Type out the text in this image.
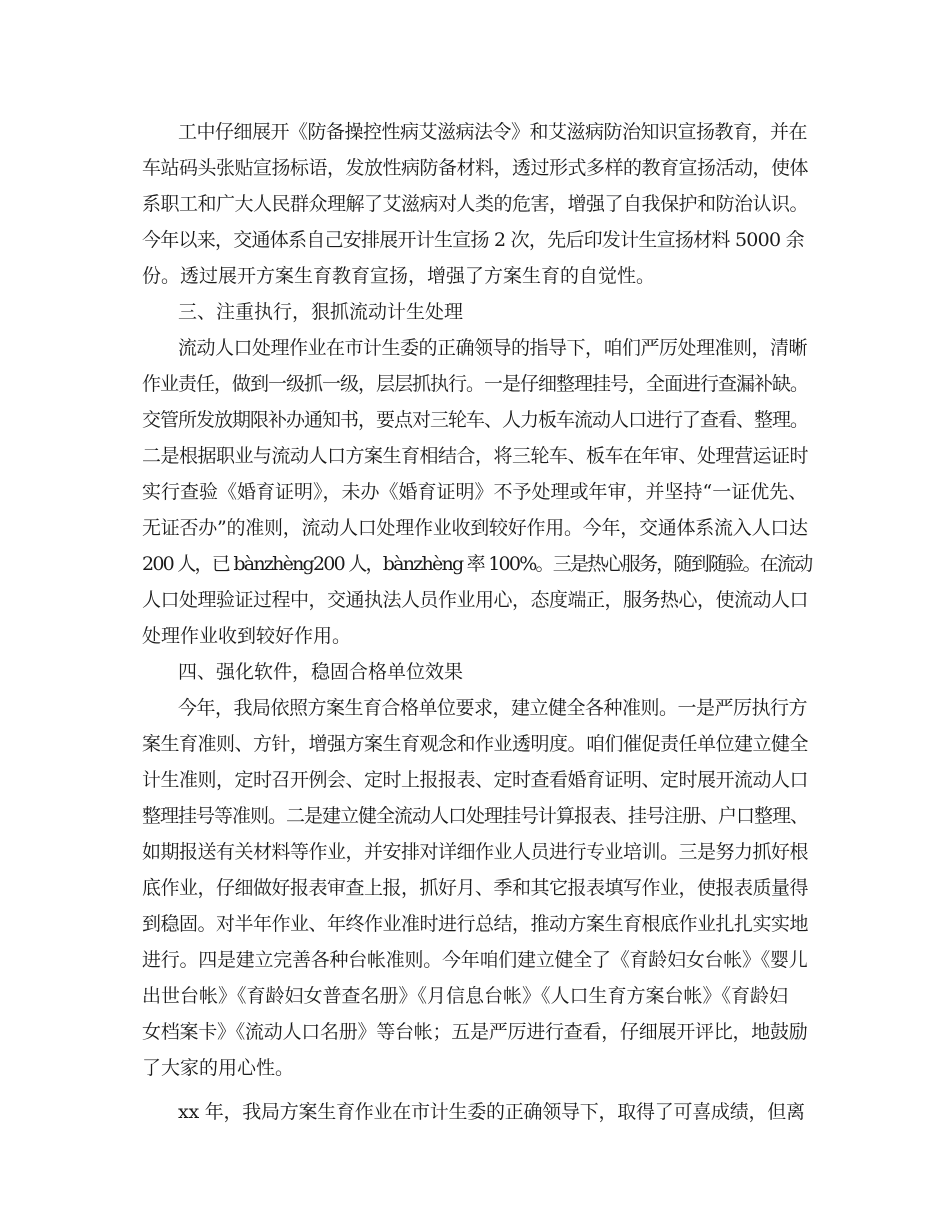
工中仔细展开《防备操控性病艾滋病法令》和艾滋病防治知识宣扬教育，并在
车站码头张贴宣扬标语，发放性病防备材料，透过形式多样的教育宣扬活动，使体
系职工和广大人民群众理解了艾滋病对人类的危害，增强了自我保护和防治认识。
今年以来，交通体系自己安排展开计生宣扬 2 次，先后印发计生宣扬材料 5000 余
份。透过展开方案生育教育宣扬，增强了方案生育的自觉性。
三、注重执行，狠抓流动计生处理
流动人口处理作业在市计生委的正确领导的指导下，咱们严厉处理准则，清晰
作业责任，做到一级抓一级，层层抓执行。一是仔细整理挂号，全面进行查漏补缺。
交管所发放期限补办通知书，要点对三轮车、人力板车流动人口进行了查看、整理。
二是根据职业与流动人口方案生育相结合，将三轮车、板车在年审、处理营运证时
实行查验《婚育证明》，未办《婚育证明》不予处理或年审，并坚持“一证优先、
无证否办”的准则，流动人口处理作业收到较好作用。今年，交通体系流入人口达
200 人，已 bànzhèng200 人，bànzhèng 率 100%。三是热心服务，随到随验。在流动
人口处理验证过程中，交通执法人员作业用心，态度端正，服务热心，使流动人口
处理作业收到较好作用。
四、强化软件，稳固合格单位效果
今年，我局依照方案生育合格单位要求，建立健全各种准则。一是严厉执行方
案生育准则、方针，增强方案生育观念和作业透明度。咱们催促责任单位建立健全
计生准则，定时召开例会、定时上报报表、定时查看婚育证明、定时展开流动人口
整理挂号等准则。二是建立健全流动人口处理挂号计算报表、挂号注册、户口整理、
如期报送有关材料等作业，并安排对详细作业人员进行专业培训。三是努力抓好根
底作业，仔细做好报表审查上报，抓好月、季和其它报表填写作业，使报表质量得
到稳固。对半年作业、年终作业准时进行总结，推动方案生育根底作业扎扎实实地
进行。四是建立完善各种台帐准则。今年咱们建立健全了《育龄妇女台帐》《婴儿
出世台帐》《育龄妇女普查名册》《月信息台帐》《人口生育方案台帐》《育龄妇
女档案卡》《流动人口名册》等台帐；五是严厉进行查看，仔细展开评比，地鼓励
了大家的用心性。
xx 年，我局方案生育作业在市计生委的正确领导下，取得了可喜成绩，但离
